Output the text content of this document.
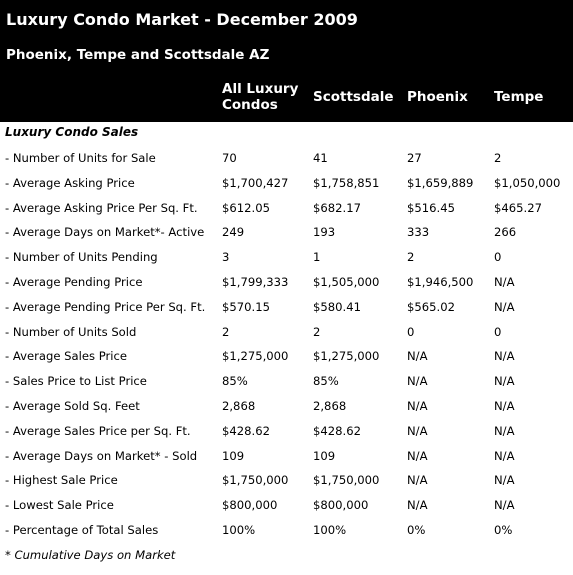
Luxury Condo Market - December 2009
Phoenix, Tempe and Scottsdale AZ
All Luxury
Condos	Scottsdale Phoenix Tempe
Luxury Condo Sales
- Number of Units for Sale	70	41	27	2
- Average Asking Price	$1,700,427 $1,758,851 $1,659,889 $1,050,000
- Average Asking Price Per Sq. Ft. $612.05	$682.17	$516.45	$465.27
- Average Days on Market*- Active 249	193	333	266
- Number of Units Pending	3	1	2	0
- Average Pending Price	$1,799,333 $1,505,000 $1,946,500 N/A
- Average Pending Price Per Sq. Ft. $570.15	$580.41	$565.02	N/A
- Number of Units Sold	2	2	0	0
- Average Sales Price	$1,275,000 $1,275,000 N/A	N/A
- Sales Price to List Price	85%	85%	N/A	N/A
- Average Sold Sq. Feet	2,868	2,868	N/A	N/A
- Average Sales Price per Sq. Ft.	$428.62	$428.62	N/A	N/A
- Average Days on Market* - Sold 109	109	N/A	N/A
- Highest Sale Price	$1,750,000 $1,750,000 N/A	N/A
- Lowest Sale Price	$800,000	$800,000	N/A	N/A
- Percentage of Total Sales	100%	100%	0%	0%
* Cumulative Days on Market
